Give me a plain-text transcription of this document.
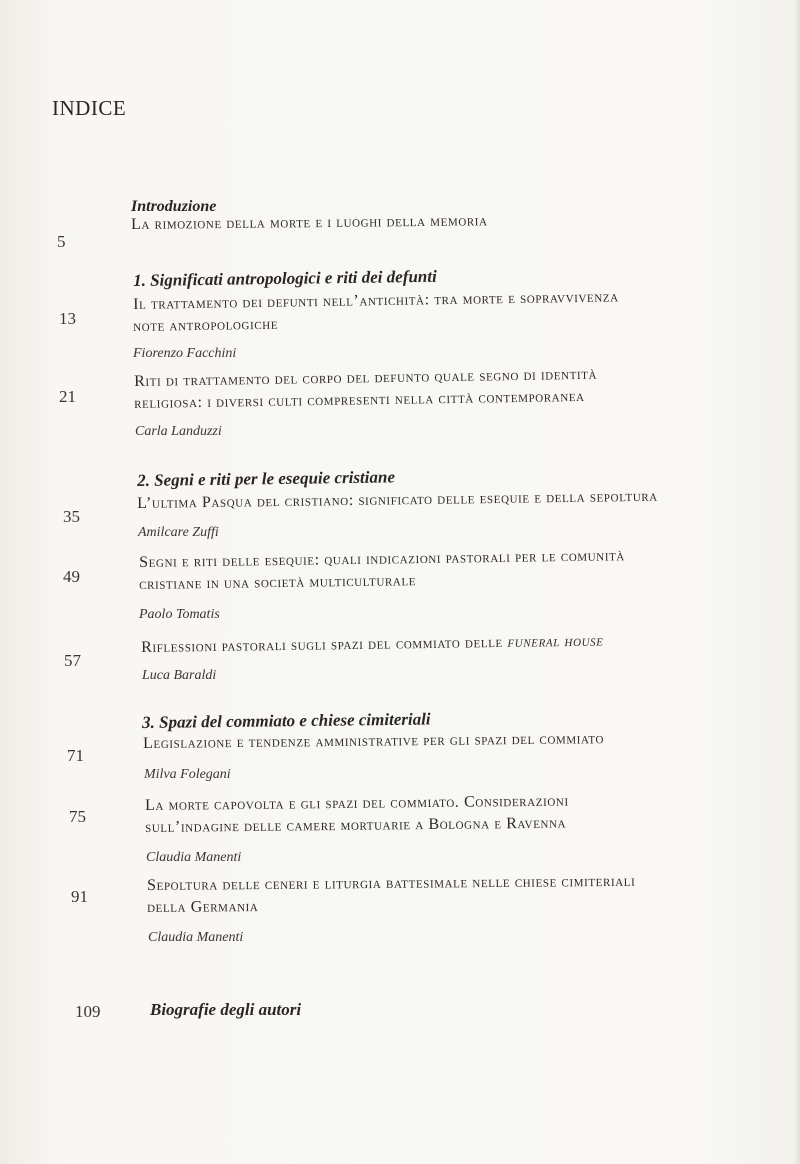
INDICE
Introduzione
5
La rimozione della morte e i luoghi della memoria
1. Significati antropologici e riti dei defunti
13
Il trattamento dei defunti nell’antichità: tra morte e sopravvivenza
note antropologiche
Fiorenzo Facchini
21
Riti di trattamento del corpo del defunto quale segno di identità
religiosa: i diversi culti compresenti nella città contemporanea
Carla Landuzzi
2. Segni e riti per le esequie cristiane
35
L’ultima Pasqua del cristiano: significato delle esequie e della sepoltura
Amilcare Zuffi
49
Segni e riti delle esequie: quali indicazioni pastorali per le comunità
cristiane in una società multiculturale
Paolo Tomatis
57
Riflessioni pastorali sugli spazi del commiato delle funeral house
Luca Baraldi
3. Spazi del commiato e chiese cimiteriali
71
Legislazione e tendenze amministrative per gli spazi del commiato
Milva Folegani
75
La morte capovolta e gli spazi del commiato. Considerazioni
sull’indagine delle camere mortuarie a Bologna e Ravenna
Claudia Manenti
91
Sepoltura delle ceneri e liturgia battesimale nelle chiese cimiteriali
della Germania
Claudia Manenti
109	Biografie degli autori
